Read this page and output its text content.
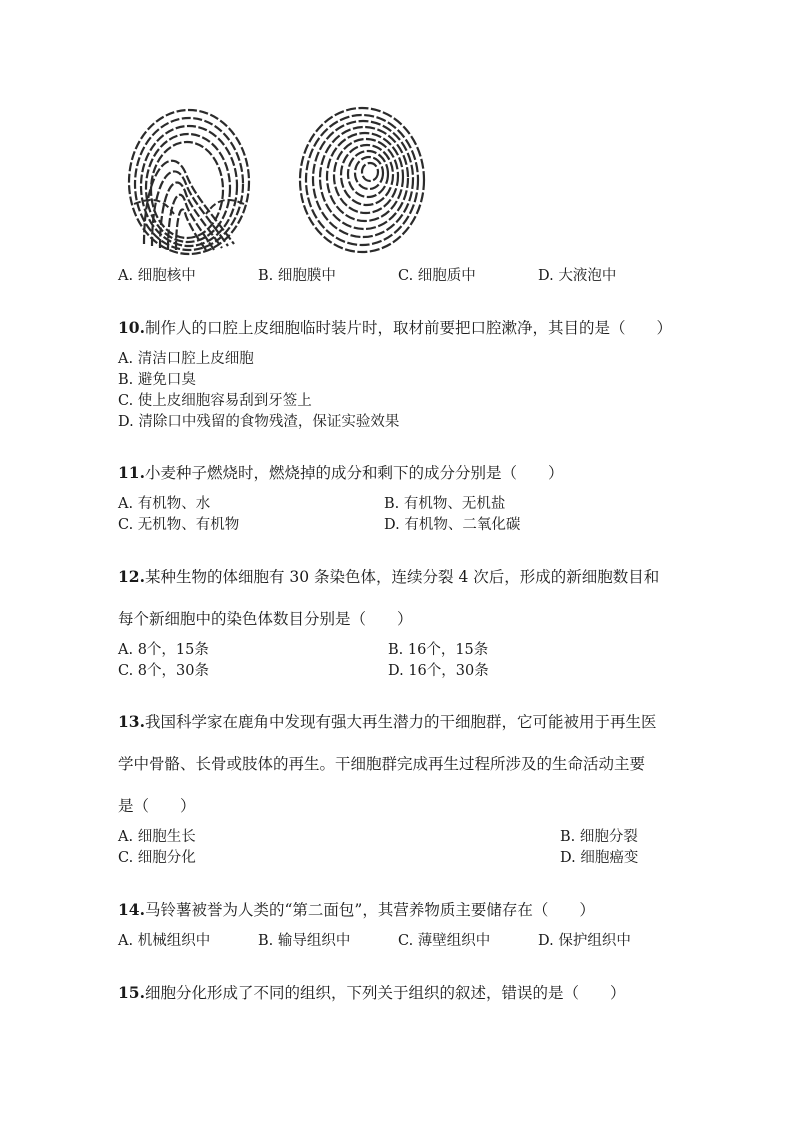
A. 细胞核中	B. 细胞膜中	C. 细胞质中	D. 大液泡中
10.制作人的口腔上皮细胞临时装片时，取材前要把口腔漱净，其目的是（　　）
A. 清洁口腔上皮细胞
B. 避免口臭
C. 使上皮细胞容易刮到牙签上
D. 清除口中残留的食物残渣，保证实验效果
11.小麦种子燃烧时，燃烧掉的成分和剩下的成分分别是（　　）
A. 有机物、水	B. 有机物、无机盐
C. 无机物、有机物	D. 有机物、二氧化碳
12.某种生物的体细胞有 30 条染色体，连续分裂 4 次后，形成的新细胞数目和
每个新细胞中的染色体数目分别是（　　）
A. 8个，15条	B. 16个，15条
C. 8个，30条	D. 16个，30条
13.我国科学家在鹿角中发现有强大再生潜力的干细胞群，它可能被用于再生医
学中骨骼、长骨或肢体的再生。干细胞群完成再生过程所涉及的生命活动主要
是（　　）
A. 细胞生长	B. 细胞分裂
C. 细胞分化	D. 细胞癌变
14.马铃薯被誉为人类的“第二面包”，其营养物质主要储存在（　　）
A. 机械组织中	B. 输导组织中	C. 薄壁组织中	D. 保护组织中
15.细胞分化形成了不同的组织，下列关于组织的叙述，错误的是（　　）
